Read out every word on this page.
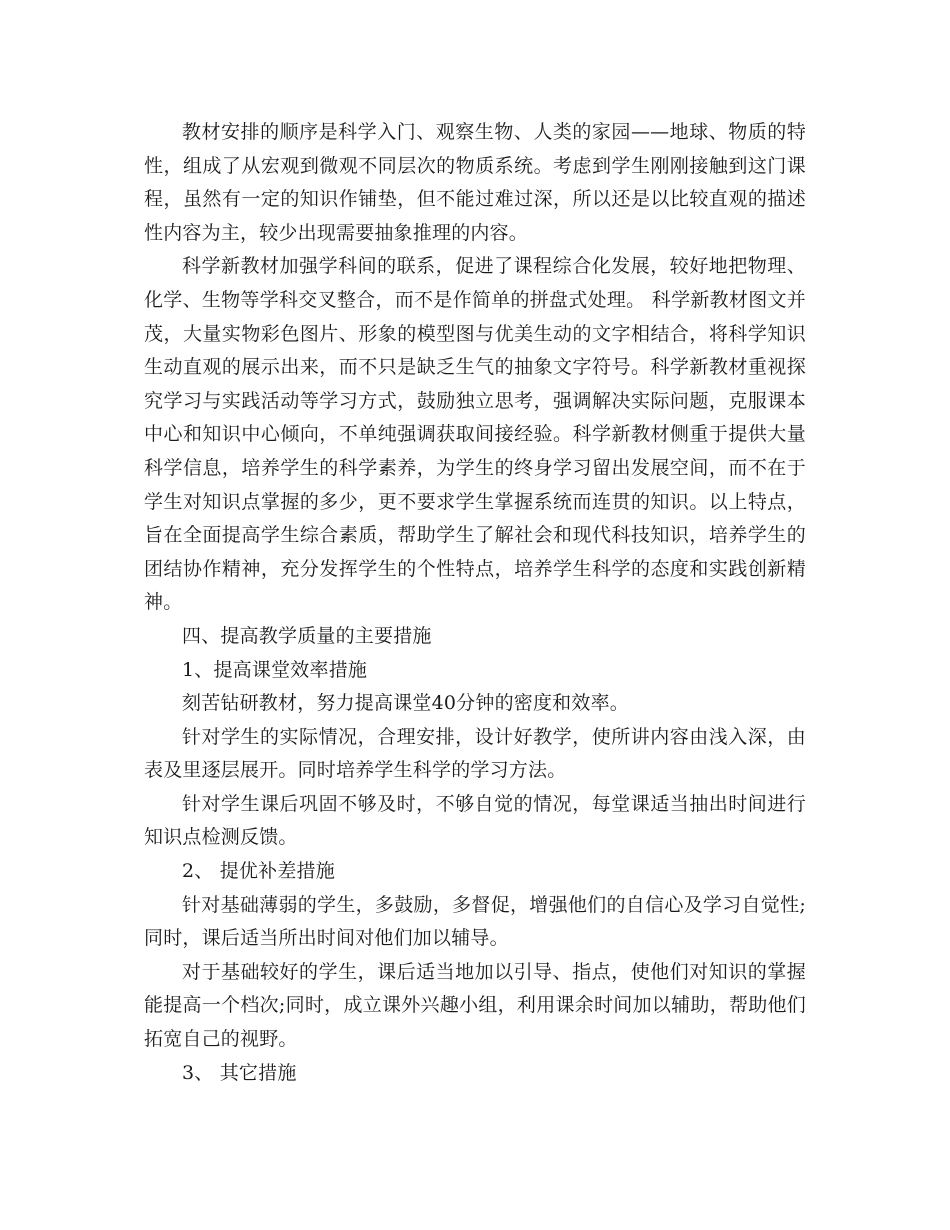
教材安排的顺序是科学入门、观察生物、人类的家园——地球、物质的特性，组成了从宏观到微观不同层次的物质系统。考虑到学生刚刚接触到这门课程，虽然有一定的知识作铺垫，但不能过难过深，所以还是以比较直观的描述性内容为主，较少出现需要抽象推理的内容。

科学新教材加强学科间的联系，促进了课程综合化发展，较好地把物理、化学、生物等学科交叉整合，而不是作简单的拼盘式处理。 科学新教材图文并茂，大量实物彩色图片、形象的模型图与优美生动的文字相结合，将科学知识生动直观的展示出来，而不只是缺乏生气的抽象文字符号。科学新教材重视探究学习与实践活动等学习方式，鼓励独立思考，强调解决实际问题，克服课本中心和知识中心倾向，不单纯强调获取间接经验。科学新教材侧重于提供大量科学信息，培养学生的科学素养，为学生的终身学习留出发展空间，而不在于学生对知识点掌握的多少，更不要求学生掌握系统而连贯的知识。以上特点，旨在全面提高学生综合素质，帮助学生了解社会和现代科技知识，培养学生的团结协作精神，充分发挥学生的个性特点，培养学生科学的态度和实践创新精神。

四、提高教学质量的主要措施

1、提高课堂效率措施

刻苦钻研教材，努力提高课堂40分钟的密度和效率。

针对学生的实际情况，合理安排，设计好教学，使所讲内容由浅入深，由表及里逐层展开。同时培养学生科学的学习方法。

针对学生课后巩固不够及时，不够自觉的情况，每堂课适当抽出时间进行知识点检测反馈。

2、 提优补差措施

针对基础薄弱的学生，多鼓励，多督促，增强他们的自信心及学习自觉性;同时，课后适当所出时间对他们加以辅导。

对于基础较好的学生，课后适当地加以引导、指点，使他们对知识的掌握能提高一个档次;同时，成立课外兴趣小组，利用课余时间加以辅助，帮助他们拓宽自己的视野。

3、 其它措施
